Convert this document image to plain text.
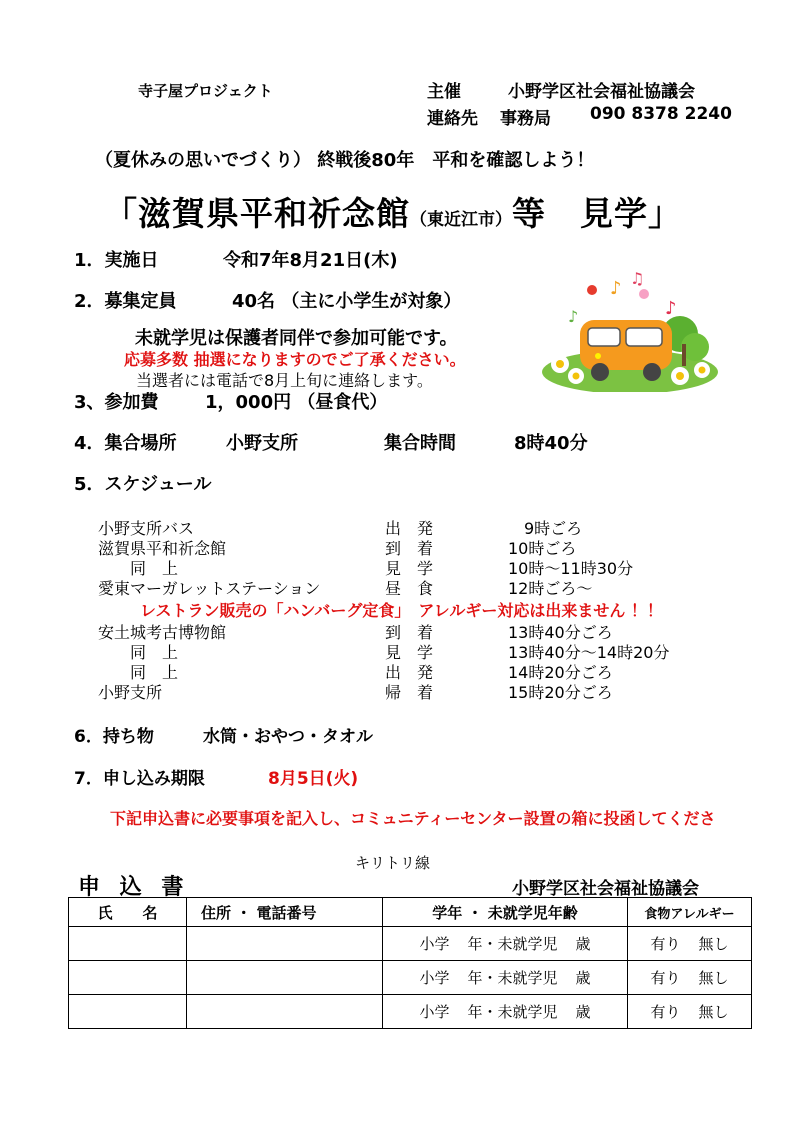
寺子屋プロジェクト	主催	小野学区社会福祉協議会
連絡先 事務局 090 8378 2240
（夏休みの思いでづくり） 終戦後80年　平和を確認しよう！
「滋賀県平和祈念館（東近江市）等　見学」
1．実施日	令和7年8月21日(木)
2．募集定員	40名 （主に小学生が対象）
未就学児は保護者同伴で参加可能です。
応募多数 抽選になりますのでご了承ください。
当選者には電話で8月上旬に連絡します。
♪ ♫
♪	♪
3、参加費	1，000円 （昼食代）
4．集合場所	小野支所	集合時間	8時40分
5．スケジュール
小野支所バス	出　発	　9時ごろ
滋賀県平和祈念館	到　着	10時ごろ
　　同　上	見　学	10時～11時30分
愛東マーガレットステーション	昼　食	12時ごろ～
安土城考古博物館	到　着	13時40分ごろ
　　同　上	見　学	13時40分～14時20分
　　同　上	出　発	14時20分ごろ
小野支所	帰　着	15時20分ごろ
レストラン販売の「ハンバーグ定食」　アレルギー対応は出来ません ！！
6．持ち物	水筒・おやつ・タオル
7．申し込み期限	8月5日(火)
下記申込書に必要事項を記入し、コミュニティーセンター設置の箱に投函してくださ
キリトリ線
申 込 書	小野学区社会福祉協議会
氏　　名	住所 ・ 電話番号	学年 ・ 未就学児年齢	食物アレルギー

		小学 年・未就学児 歳	有り 無し

		小学 年・未就学児 歳	有り 無し

		小学 年・未就学児 歳	有り 無し
